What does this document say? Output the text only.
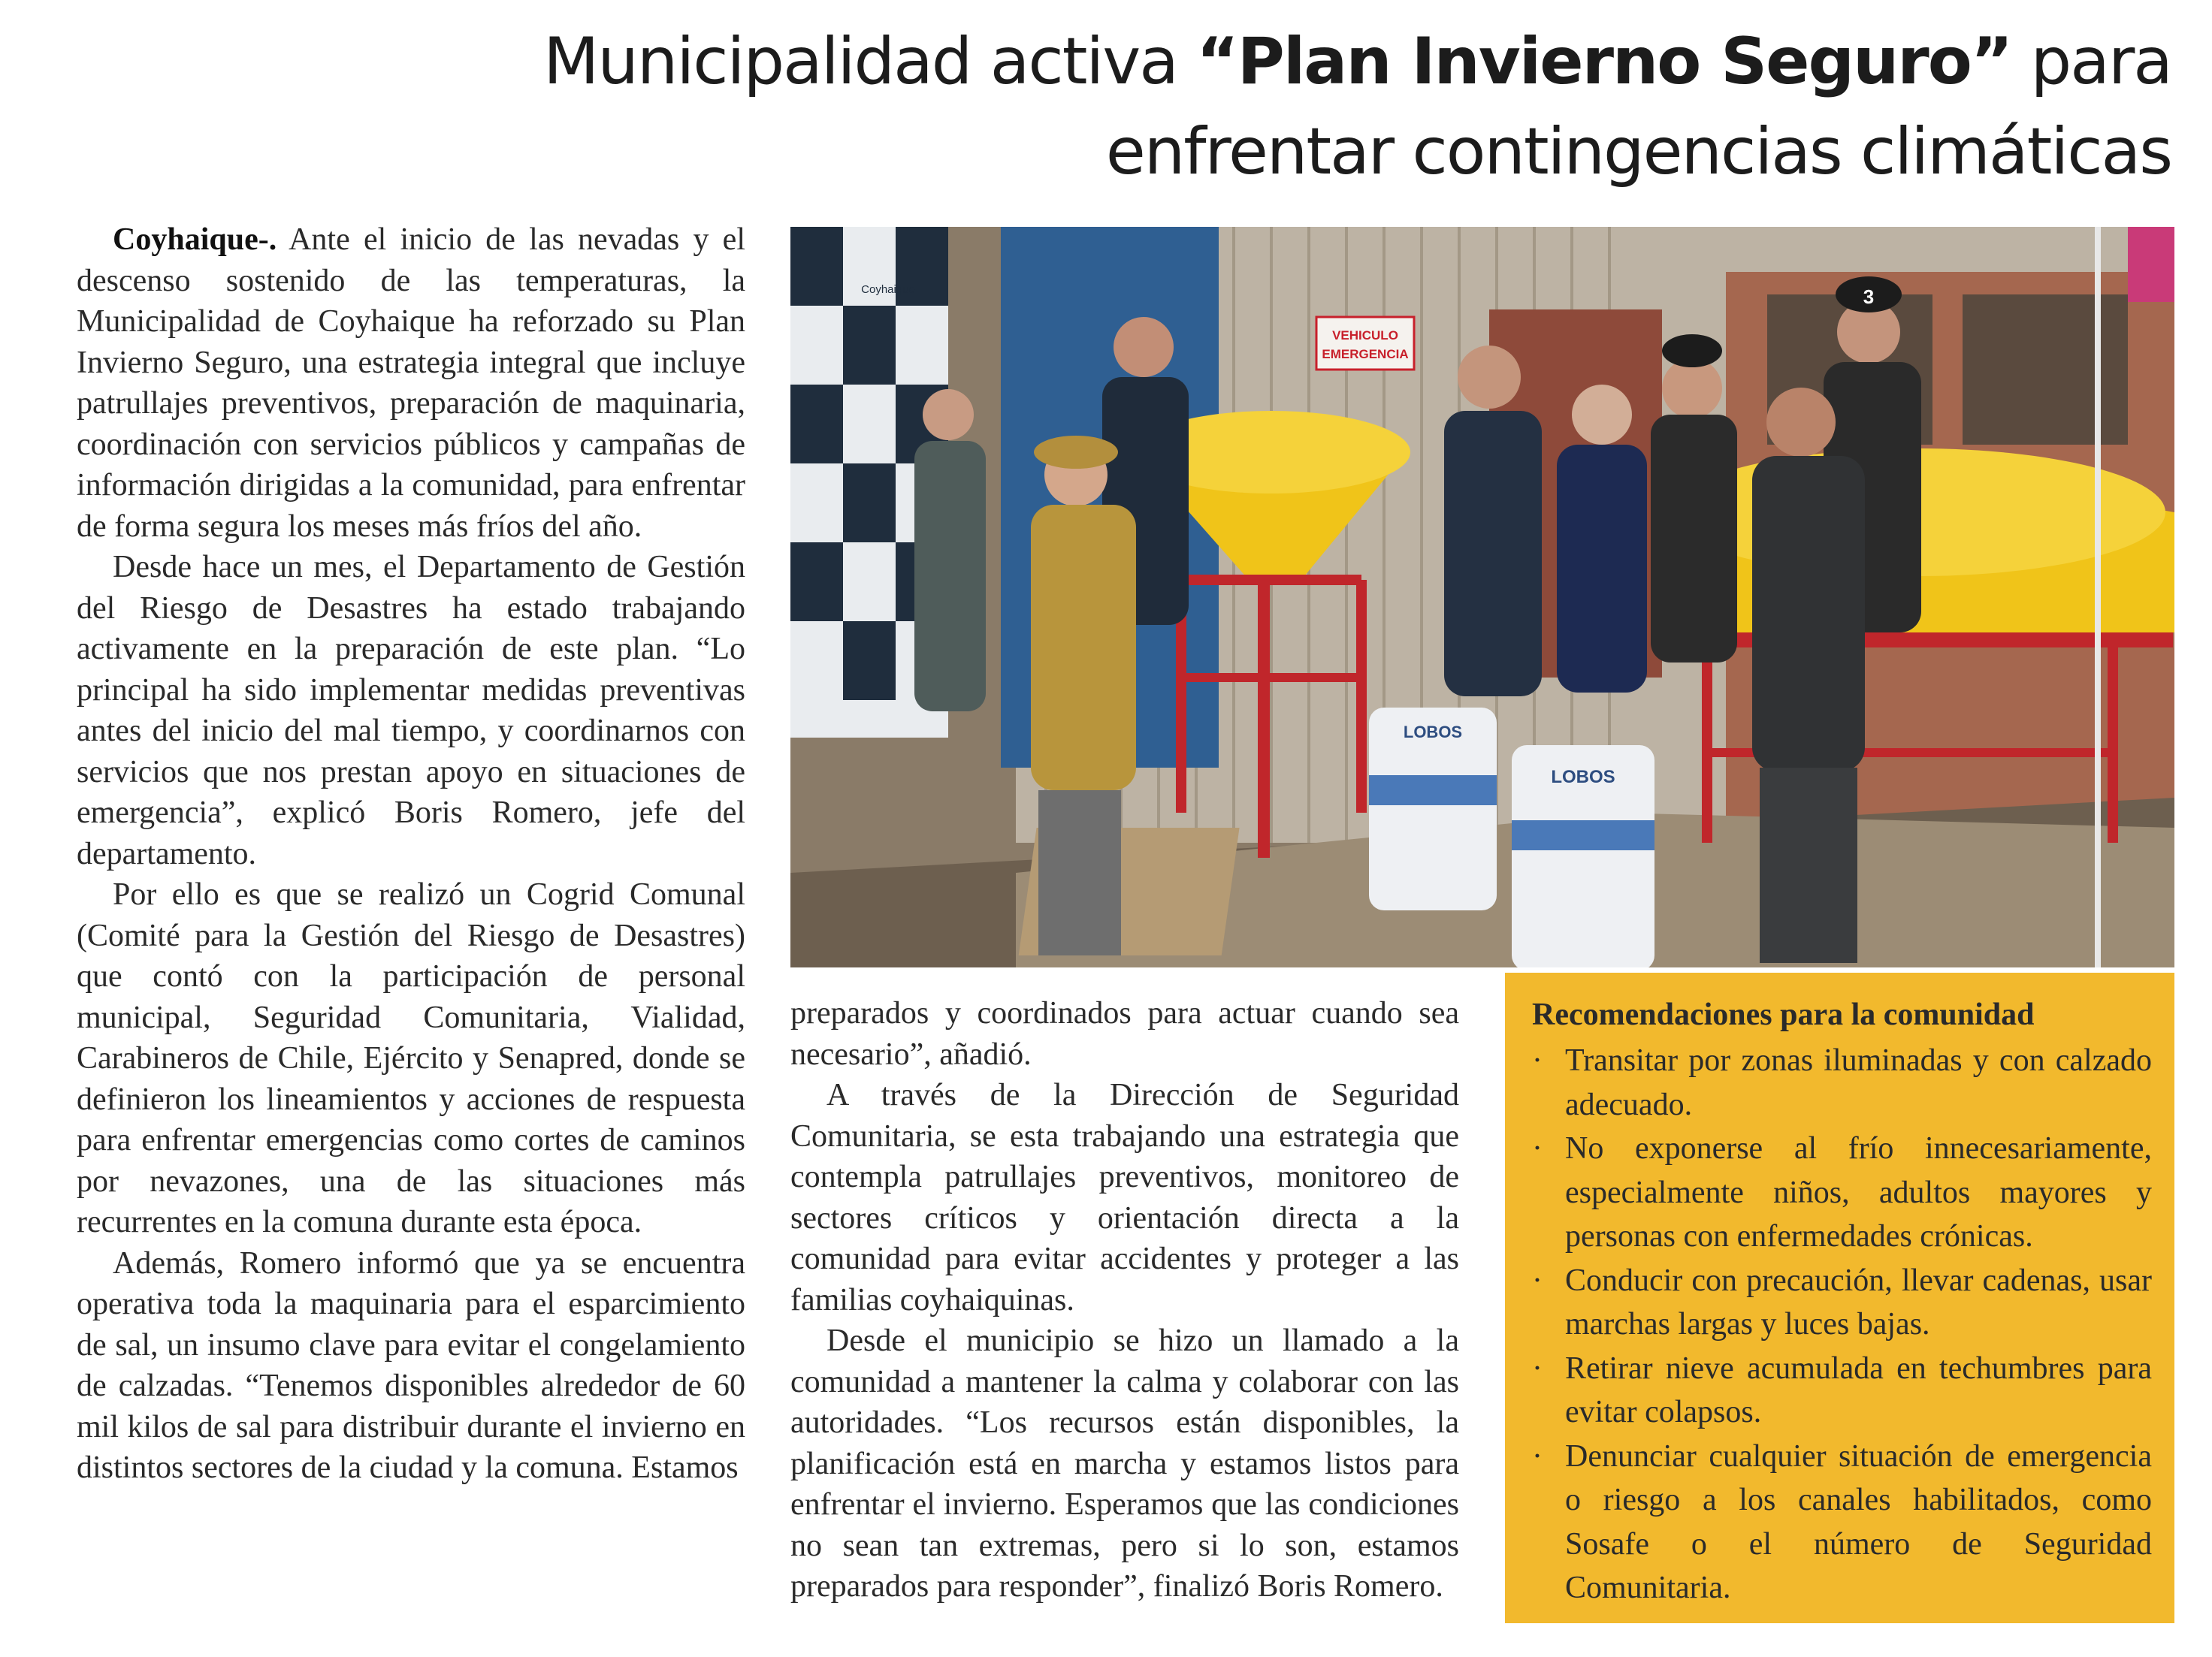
Municipalidad activa “Plan Invierno Seguro” para enfrentar contingencias climáticas

Coyhaique-. Ante el inicio de las nevadas y el descenso sostenido de las temperaturas, la Municipalidad de Coyhaique ha reforzado su Plan Invierno Seguro, una estrategia integral que incluye patrullajes preventivos, preparación de maquinaria, coordinación con servicios públicos y campañas de información dirigidas a la comunidad, para enfrentar de forma segura los meses más fríos del año.

Desde hace un mes, el Departamento de Gestión del Riesgo de Desastres ha estado trabajando activamente en la preparación de este plan. “Lo principal ha sido implementar medidas preventivas antes del inicio del mal tiempo, y coordinarnos con servicios que nos prestan apoyo en situaciones de emergencia”, explicó Boris Romero, jefe del departamento.

Por ello es que se realizó un Cogrid Comunal (Comité para la Gestión del Riesgo de Desastres) que contó con la participación de personal municipal, Seguridad Comunitaria, Vialidad, Carabineros de Chile, Ejército y Senapred, donde se definieron los lineamientos y acciones de respuesta para enfrentar emergencias como cortes de caminos por nevazones, una de las situaciones más recurrentes en la comuna durante esta época.

Además, Romero informó que ya se encuentra operativa toda la maquinaria para el esparcimiento de sal, un insumo clave para evitar el congelamiento de calzadas. “Tenemos disponibles alrededor de 60 mil kilos de sal para distribuir durante el invierno en distintos sectores de la ciudad y la comuna. Estamos

Coyhaique
VEHICULO
EMERGENCIA
LOBOS
LOBOS
3

preparados y coordinados para actuar cuando sea necesario”, añadió.

A través de la Dirección de Seguridad Comunitaria, se esta trabajando una estrategia que contempla patrullajes preventivos, monitoreo de sectores críticos y orientación directa a la comunidad para evitar accidentes y proteger a las familias coyhaiquinas.

Desde el municipio se hizo un llamado a la comunidad a mantener la calma y colaborar con las autoridades. “Los recursos están disponibles, la planificación está en marcha y estamos listos para enfrentar el invierno. Esperamos que las condiciones no sean tan extremas, pero si lo son, estamos preparados para responder”, finalizó Boris Romero.

Recomendaciones para la comunidad
· Transitar por zonas iluminadas y con calzado adecuado.
· No exponerse al frío innecesariamente, especialmente niños, adultos mayores y personas con enfermedades crónicas.
· Conducir con precaución, llevar cadenas, usar marchas largas y luces bajas.
· Retirar nieve acumulada en techumbres para evitar colapsos.
· Denunciar cualquier situación de emergencia o riesgo a los canales habilitados, como Sosafe o el número de Seguridad Comunitaria.
